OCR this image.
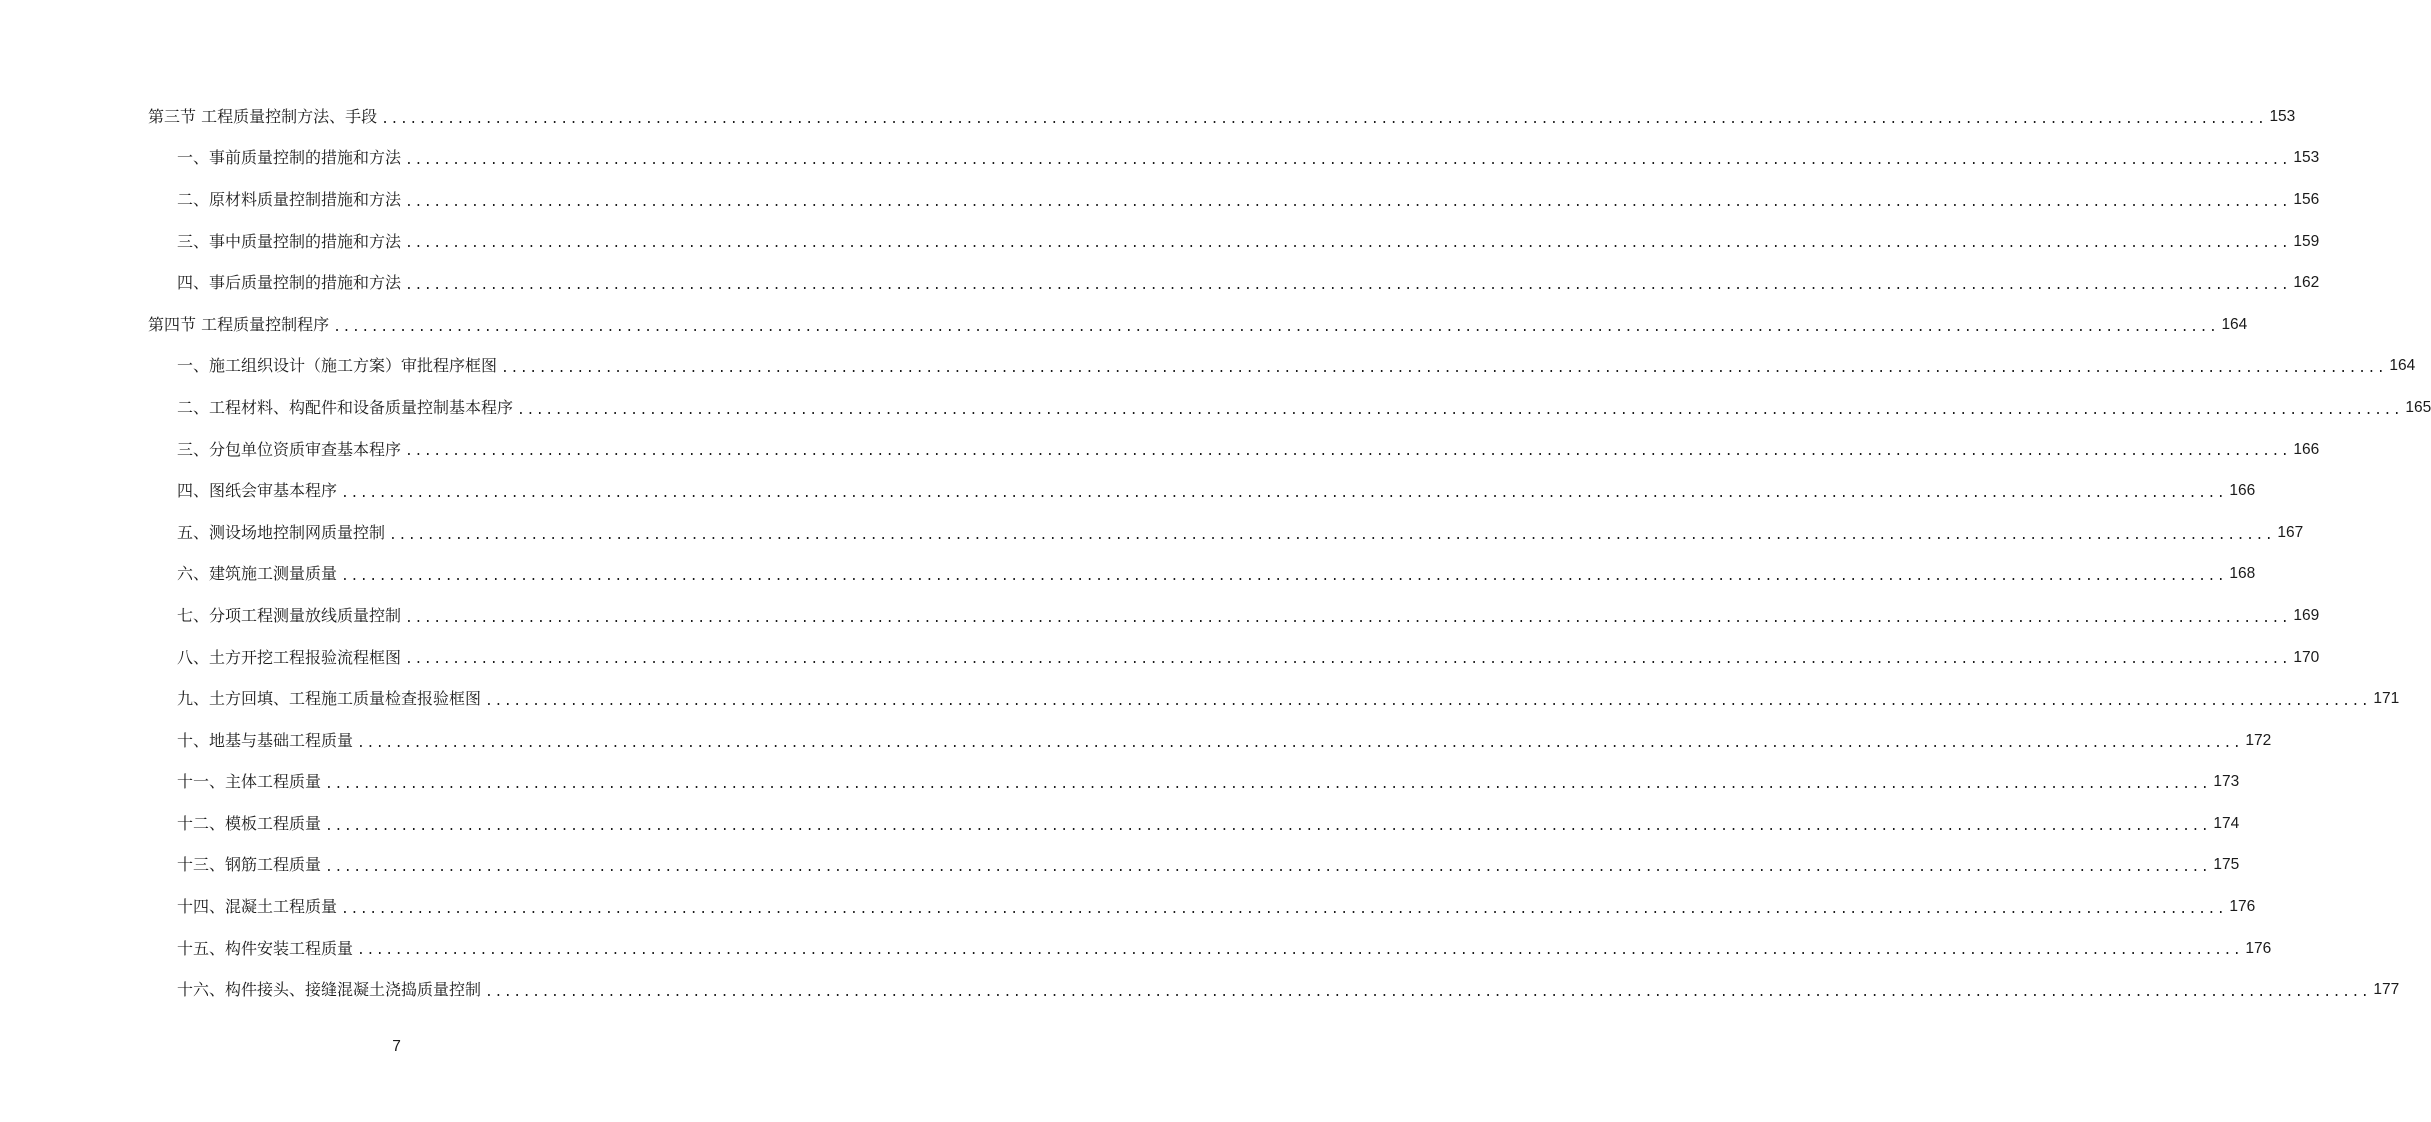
第三节 工程质量控制方法、手段 ........................................................................................................................................................................................................ 153
一、事前质量控制的措施和方法 ........................................................................................................................................................................................................ 153
二、原材料质量控制措施和方法 ........................................................................................................................................................................................................ 156
三、事中质量控制的措施和方法 ........................................................................................................................................................................................................ 159
四、事后质量控制的措施和方法 ........................................................................................................................................................................................................ 162
第四节 工程质量控制程序 ........................................................................................................................................................................................................ 164
一、施工组织设计（施工方案）审批程序框图 ........................................................................................................................................................................................................ 164
二、工程材料、构配件和设备质量控制基本程序 ........................................................................................................................................................................................................ 165
三、分包单位资质审查基本程序 ........................................................................................................................................................................................................ 166
四、图纸会审基本程序 ........................................................................................................................................................................................................ 166
五、测设场地控制网质量控制 ........................................................................................................................................................................................................ 167
六、建筑施工测量质量 ........................................................................................................................................................................................................ 168
七、分项工程测量放线质量控制 ........................................................................................................................................................................................................ 169
八、土方开挖工程报验流程框图 ........................................................................................................................................................................................................ 170
九、土方回填、工程施工质量检查报验框图 ........................................................................................................................................................................................................ 171
十、地基与基础工程质量 ........................................................................................................................................................................................................ 172
十一、主体工程质量 ........................................................................................................................................................................................................ 173
十二、模板工程质量 ........................................................................................................................................................................................................ 174
十三、钢筋工程质量 ........................................................................................................................................................................................................ 175
十四、混凝土工程质量 ........................................................................................................................................................................................................ 176
十五、构件安装工程质量 ........................................................................................................................................................................................................ 176
十六、构件接头、接缝混凝土浇捣质量控制 ........................................................................................................................................................................................................ 177
7
